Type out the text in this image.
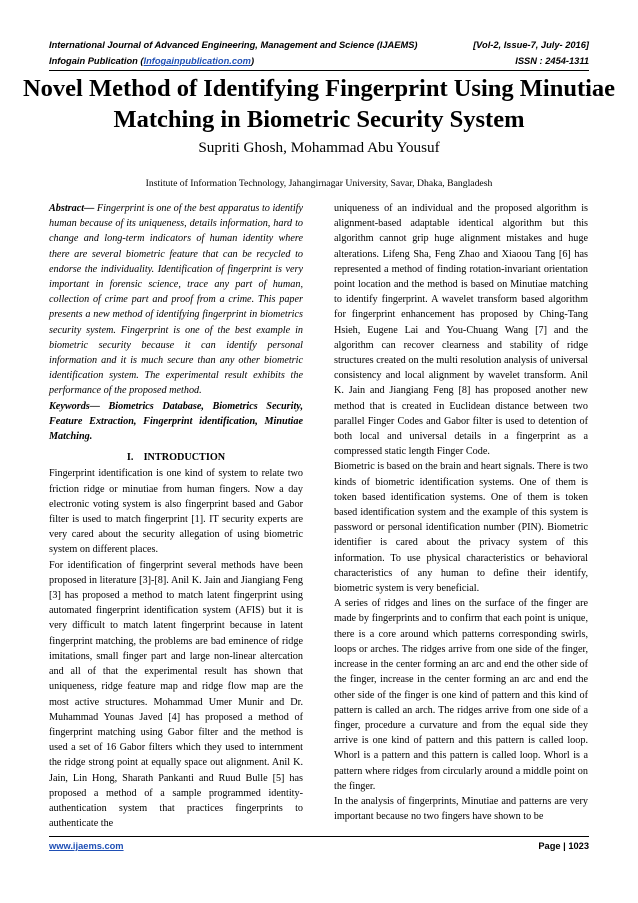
International Journal of Advanced Engineering, Management and Science (IJAEMS)	[Vol-2, Issue-7, July- 2016]
Infogain Publication (Infogainpublication.com)	ISSN : 2454-1311
Novel Method of Identifying Fingerprint Using Minutiae Matching in Biometric Security System
Supriti Ghosh, Mohammad Abu Yousuf
Institute of Information Technology, Jahangirnagar University, Savar, Dhaka, Bangladesh

Abstract— Fingerprint is one of the best apparatus to identify human because of its uniqueness, details information, hard to change and long-term indicators of human identity where there are several biometric feature that can be recycled to endorse the individuality. Identification of fingerprint is very important in forensic science, trace any part of human, collection of crime part and proof from a crime. This paper presents a new method of identifying fingerprint in biometrics security system. Fingerprint is one of the best example in biometric security because it can identify personal information and it is much secure than any other biometric identification system. The experimental result exhibits the performance of the proposed method.

Keywords— Biometrics Database, Biometrics Security, Feature Extraction, Fingerprint identification, Minutiae Matching.

I.    INTRODUCTION

Fingerprint identification is one kind of system to relate two friction ridge or minutiae from human fingers. Now a day electronic voting system is also fingerprint based and Gabor filter is used to match fingerprint [1]. IT security experts are very cared about the security allegation of using biometric system on different places.

For identification of fingerprint several methods have been proposed in literature [3]-[8]. Anil K. Jain and Jiangiang Feng [3] has proposed a method to match latent fingerprint using automated fingerprint identification system (AFIS) but it is very difficult to match latent fingerprint because in latent fingerprint matching, the problems are bad eminence of ridge imitations, small finger part and large non-linear altercation and all of that the experimental result has shown that uniqueness, ridge feature map and ridge flow map are the most active structures. Mohammad Umer Munir and Dr. Muhammad Younas Javed [4] has proposed a method of fingerprint matching using Gabor filter and the method is used a set of 16 Gabor filters which they used to internment the ridge strong point at equally space out alignment. Anil K. Jain, Lin Hong, Sharath Pankanti and Ruud Bulle [5] has proposed a method of a sample programmed identity-authentication system that practices fingerprints to authenticate the

uniqueness of an individual and the proposed algorithm is alignment-based adaptable identical algorithm but this algorithm cannot grip huge alignment mistakes and huge alterations. Lifeng Sha, Feng Zhao and Xiaoou Tang [6] has represented a method of finding rotation-invariant orientation point location and the method is based on Minutiae matching to identify fingerprint. A wavelet transform based algorithm for fingerprint enhancement has proposed by Ching-Tang Hsieh, Eugene Lai and You-Chuang Wang [7] and the algorithm can recover clearness and stability of ridge structures created on the multi resolution analysis of universal consistency and local alignment by wavelet transform. Anil K. Jain and Jiangiang Feng [8] has proposed another new method that is created in Euclidean distance between two parallel Finger Codes and Gabor filter is used to detention of both local and universal details in a fingerprint as a compressed static length Finger Code.

Biometric is based on the brain and heart signals. There is two kinds of biometric identification systems. One of them is token based identification systems. One of them is token based identification system and the example of this system is password or personal identification number (PIN). Biometric identifier is cared about the privacy system of this information. To use physical characteristics or behavioral characteristics of any human to define their identify, biometric system is very beneficial.

A series of ridges and lines on the surface of the finger are made by fingerprints and to confirm that each point is unique, there is a core around which patterns corresponding swirls, loops or arches. The ridges arrive from one side of the finger, increase in the center forming an arc and end the other side of the finger, increase in the center forming an arc and end the other side of the finger is one kind of pattern and this kind of pattern is called an arch. The ridges arrive from one side of a finger, procedure a curvature and from the equal side they arrive is one kind of pattern and this pattern is called loop. Whorl is a pattern and this pattern is called loop. Whorl is a pattern where ridges from circularly around a middle point on the finger.

In the analysis of fingerprints, Minutiae and patterns are very important because no two fingers have shown to be

www.ijaems.com	Page | 1023
